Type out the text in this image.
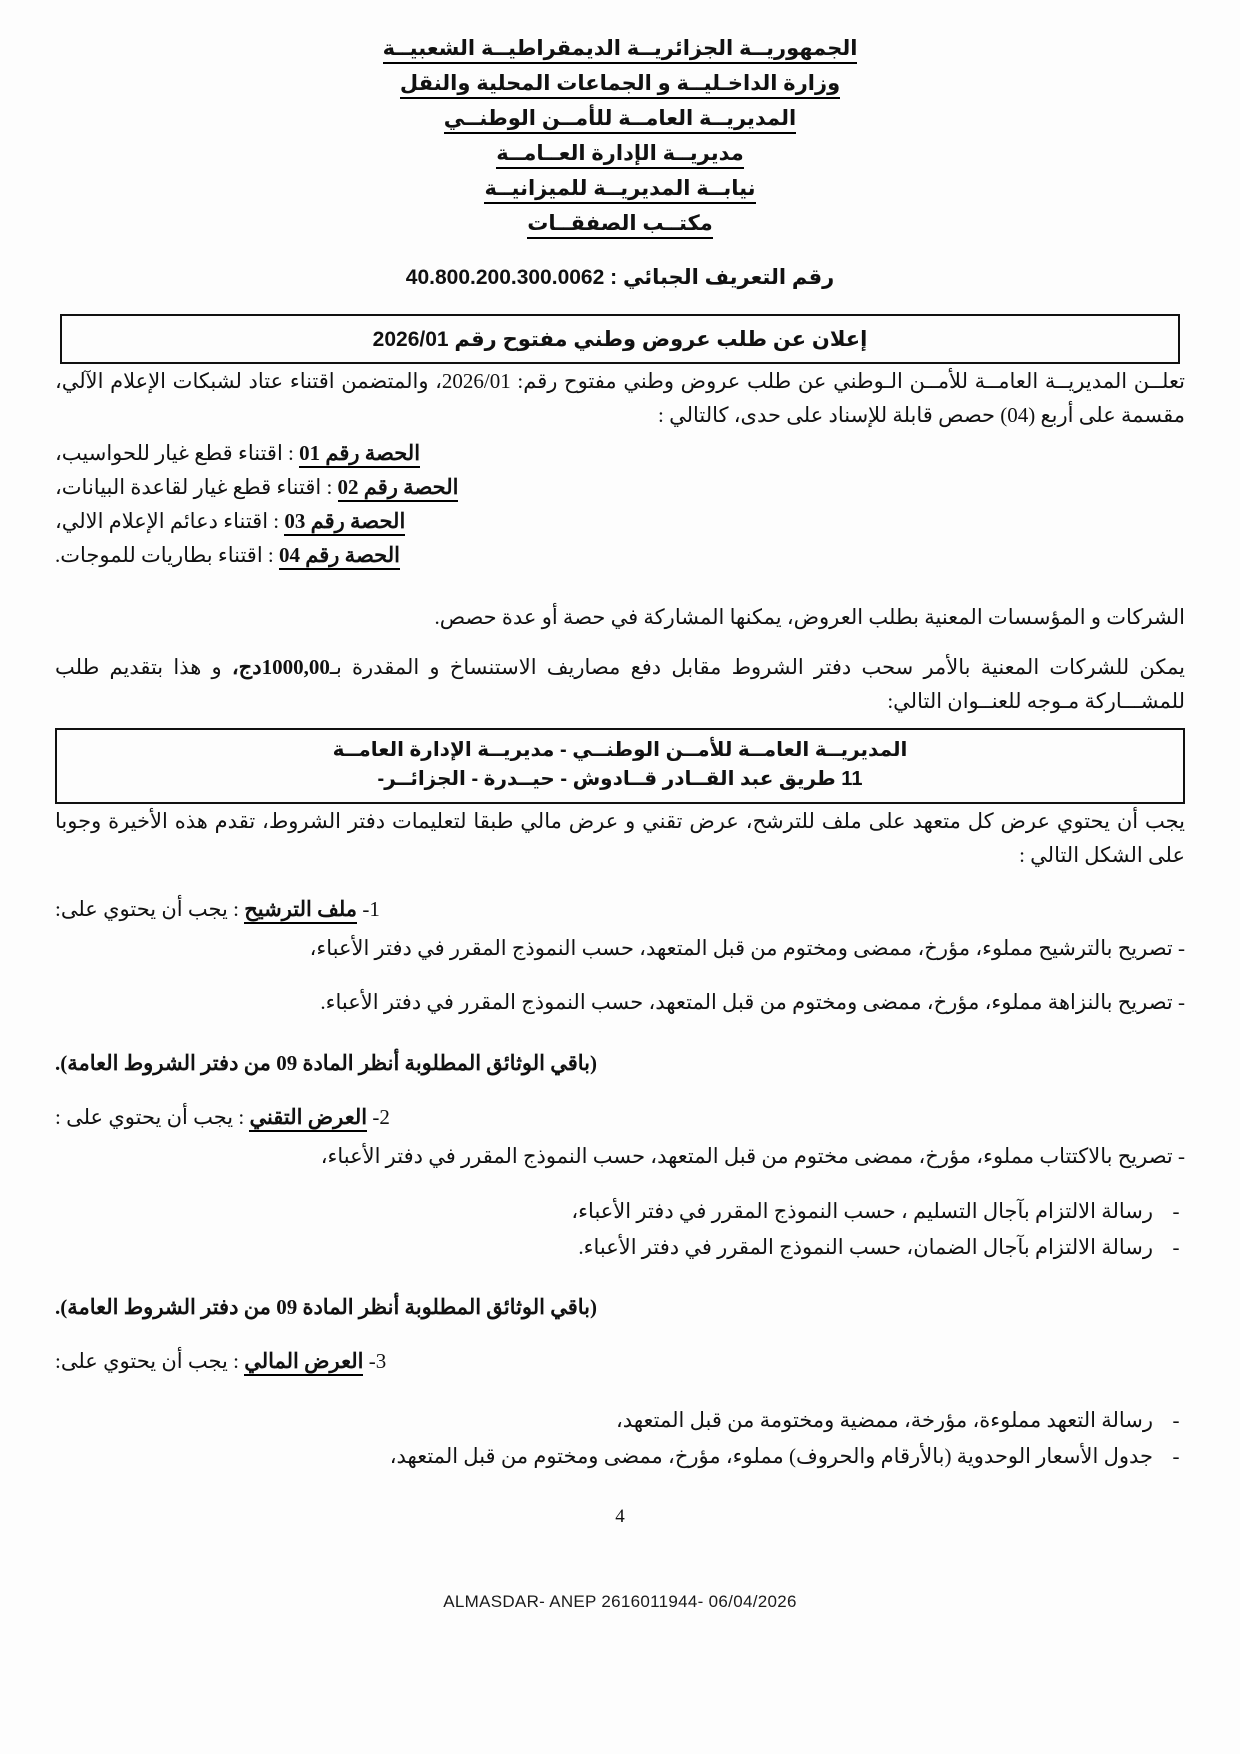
الجمهوريــة الجزائريــة الديمقراطيــة الشعبيــة
وزارة الداخـليــة و الجماعات المحلية والنقل
المديريــة العامــة للأمــن الوطنــي
مديريــة الإدارة العــامــة
نيابــة المديريــة للميزانيــة
مكتــب الصفقــات
رقم التعريف الجبائي : 40.800.200.300.0062
إعلان عن طلب عروض وطني مفتوح رقم 2026/01

تعلــن المديريــة العامــة للأمــن الـوطني عن طلب عروض وطني مفتوح رقم: 2026/01، والمتضمن اقتناء عتاد لشبكات الإعلام الآلي، مقسمة على أربع (04) حصص قابلة للإسناد على حدى، كالتالي :

الحصة رقم 01 : اقتناء قطع غيار للحواسيب،
الحصة رقم 02 : اقتناء قطع غيار لقاعدة البيانات،
الحصة رقم 03 : اقتناء دعائم الإعلام الالي،
الحصة رقم 04 : اقتناء بطاريات للموجات.

الشركات و المؤسسات المعنية بطلب العروض، يمكنها المشاركة في حصة أو عدة حصص.

يمكن للشركات المعنية بالأمر سحب دفتر الشروط مقابل دفع مصاريف الاستنساخ و المقدرة بـ1000,00دج، و هذا بتقديم طلب للمشـــاركة مـوجه للعنــوان التالي:

المديريــة العامــة للأمــن الوطنــي - مديريــة الإدارة العامــة
11 طريق عبد القــادر قــادوش - حيــدرة - الجزائــر-

يجب أن يحتوي عرض كل متعهد على ملف للترشح، عرض تقني و عرض مالي طبقا لتعليمات دفتر الشروط، تقدم هذه الأخيرة وجوبا على الشكل التالي :

1- ملف الترشيح : يجب أن يحتوي على:

- تصريح بالترشيح مملوء، مؤرخ، ممضى ومختوم من قبل المتعهد، حسب النموذج المقرر في دفتر الأعباء،

- تصريح بالنزاهة مملوء، مؤرخ، ممضى ومختوم من قبل المتعهد، حسب النموذج المقرر في دفتر الأعباء.

(باقي الوثائق المطلوبة أنظر المادة 09 من دفتر الشروط العامة).
2- العرض التقني : يجب أن يحتوي على :

- تصريح بالاكتتاب مملوء، مؤرخ، ممضى مختوم من قبل المتعهد، حسب النموذج المقرر في دفتر الأعباء،

-
رسالة الالتزام بآجال التسليم ، حسب النموذج المقرر في دفتر الأعباء،
-
رسالة الالتزام بآجال الضمان، حسب النموذج المقرر في دفتر الأعباء.
(باقي الوثائق المطلوبة أنظر المادة 09 من دفتر الشروط العامة).
3- العرض المالي : يجب أن يحتوي على:
-
رسالة التعهد مملوءة، مؤرخة، ممضية ومختومة من قبل المتعهد،
-
جدول الأسعار الوحدوية (بالأرقام والحروف) مملوء، مؤرخ، ممضى ومختوم من قبل المتعهد،
4
ALMASDAR- ANEP 2616011944- 06/04/2026
